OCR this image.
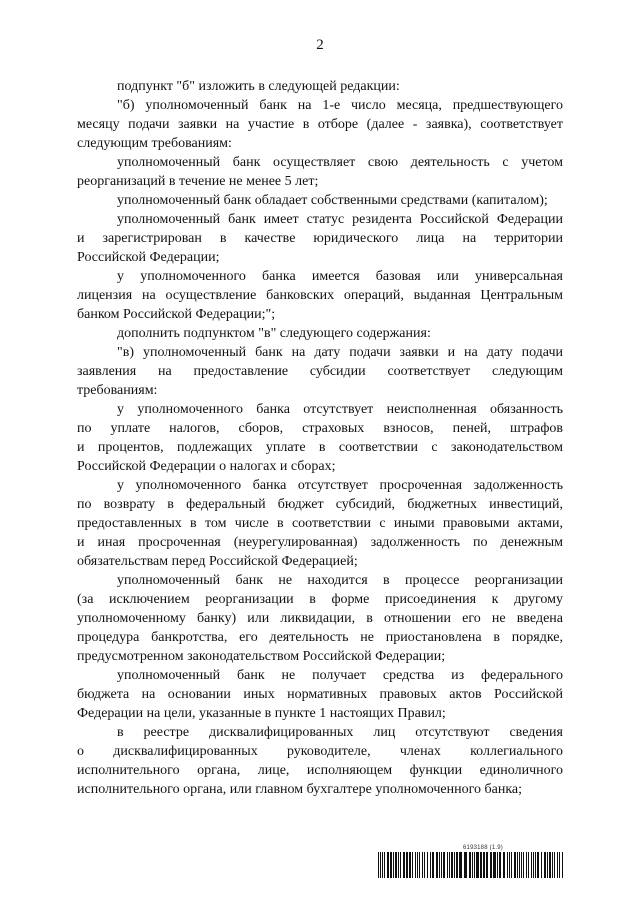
2
подпункт "б" изложить в следующей редакции:
"б) уполномоченный банк на 1-е число месяца, предшествующего
месяцу подачи заявки на участие в отборе (далее - заявка), соответствует
следующим требованиям:
уполномоченный банк осуществляет свою деятельность с учетом
реорганизаций в течение не менее 5 лет;
уполномоченный банк обладает собственными средствами (капиталом);
уполномоченный банк имеет статус резидента Российской Федерации
и зарегистрирован в качестве юридического лица на территории
Российской Федерации;
у уполномоченного банка имеется базовая или универсальная
лицензия на осуществление банковских операций, выданная Центральным
банком Российской Федерации;";
дополнить подпунктом "в" следующего содержания:
"в) уполномоченный банк на дату подачи заявки и на дату подачи
заявления на предоставление субсидии соответствует следующим
требованиям:
у уполномоченного банка отсутствует неисполненная обязанность
по уплате налогов, сборов, страховых взносов, пеней, штрафов
и процентов, подлежащих уплате в соответствии с законодательством
Российской Федерации о налогах и сборах;
у уполномоченного банка отсутствует просроченная задолженность
по возврату в федеральный бюджет субсидий, бюджетных инвестиций,
предоставленных в том числе в соответствии с иными правовыми актами,
и иная просроченная (неурегулированная) задолженность по денежным
обязательствам перед Российской Федерацией;
уполномоченный банк не находится в процессе реорганизации
(за исключением реорганизации в форме присоединения к другому
уполномоченному банку) или ликвидации, в отношении его не введена
процедура банкротства, его деятельность не приостановлена в порядке,
предусмотренном законодательством Российской Федерации;
уполномоченный банк не получает средства из федерального
бюджета на основании иных нормативных правовых актов Российской
Федерации на цели, указанные в пункте 1 настоящих Правил;
в реестре дисквалифицированных лиц отсутствуют сведения
о дисквалифицированных руководителе, членах коллегиального
исполнительного органа, лице, исполняющем функции единоличного
исполнительного органа, или главном бухгалтере уполномоченного банка;
6193188 (1.9)
